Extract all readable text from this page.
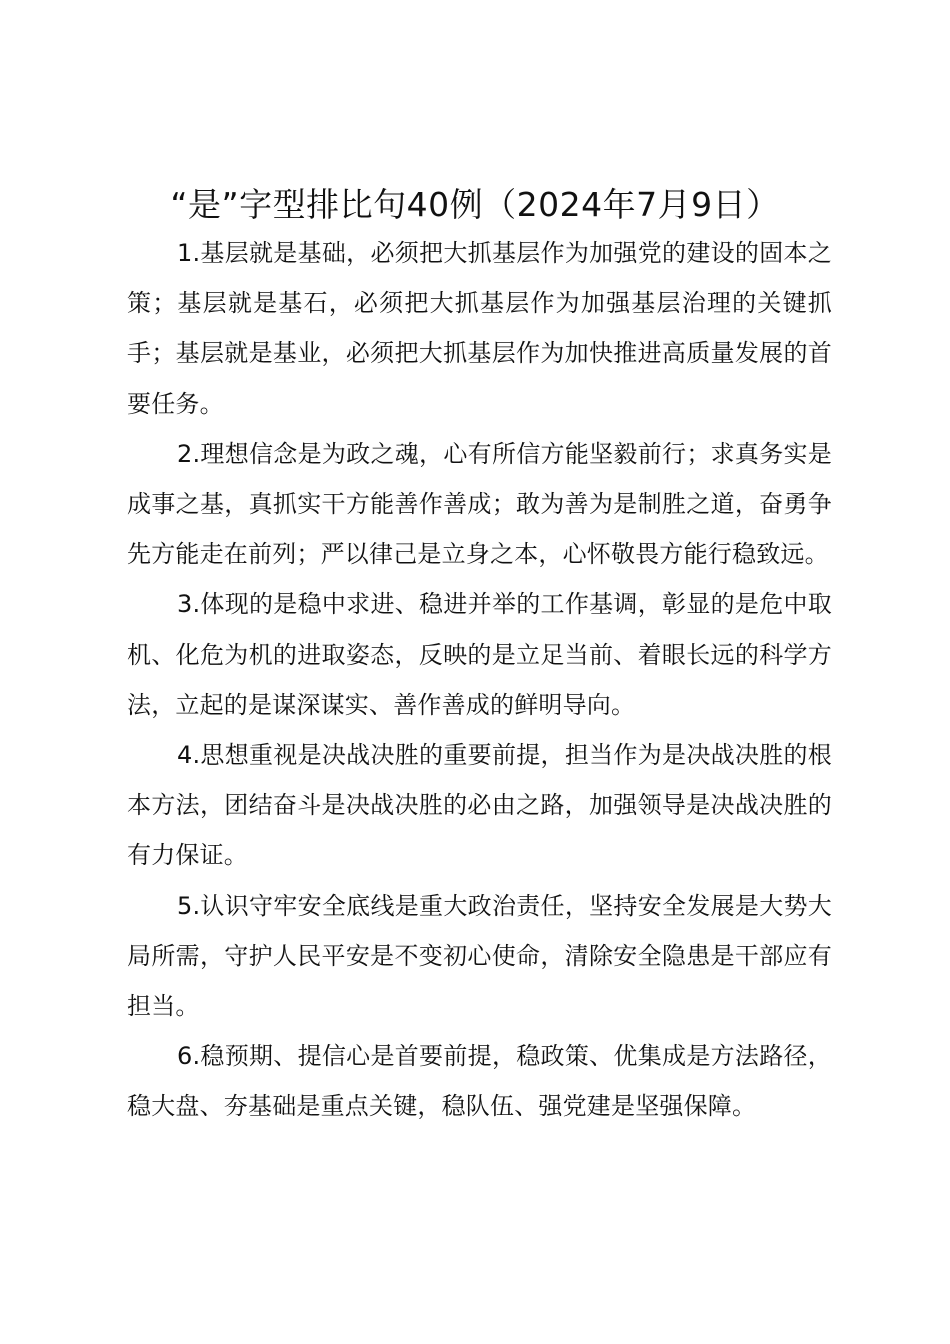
“是”字型排比句40例（2024年7月9日）

1.基层就是基础，必须把大抓基层作为加强党的建设的固本之策；基层就是基石，必须把大抓基层作为加强基层治理的关键抓手；基层就是基业，必须把大抓基层作为加快推进高质量发展的首要任务。

2.理想信念是为政之魂，心有所信方能坚毅前行；求真务实是成事之基，真抓实干方能善作善成；敢为善为是制胜之道，奋勇争先方能走在前列；严以律己是立身之本，心怀敬畏方能行稳致远。

3.体现的是稳中求进、稳进并举的工作基调，彰显的是危中取机、化危为机的进取姿态，反映的是立足当前、着眼长远的科学方法，立起的是谋深谋实、善作善成的鲜明导向。

4.思想重视是决战决胜的重要前提，担当作为是决战决胜的根本方法，团结奋斗是决战决胜的必由之路，加强领导是决战决胜的有力保证。

5.认识守牢安全底线是重大政治责任，坚持安全发展是大势大局所需，守护人民平安是不变初心使命，清除安全隐患是干部应有担当。

6.稳预期、提信心是首要前提，稳政策、优集成是方法路径，稳大盘、夯基础是重点关键，稳队伍、强党建是坚强保障。
